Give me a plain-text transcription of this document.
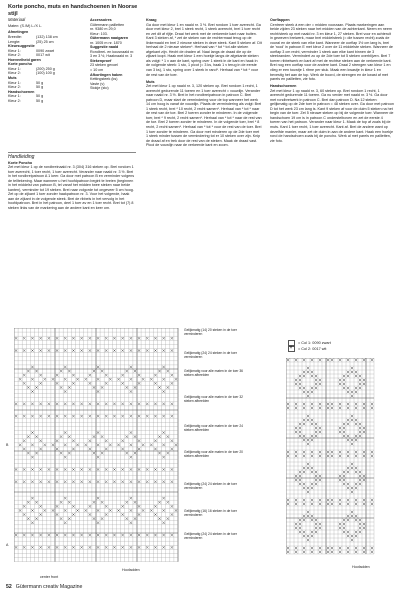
Korte poncho, muts en handschoenen in Noorse stijl

Materiaal

Maten: (S./M) L./X L.

Afmetingen

Breedte:	(132) 138 cm
Lengte:	(25) 25 cm

Kleursuggestie

Kleur 1:	0090 zwart
Kleur 2:	0017 wit

Hoeveelheid garen

Korte poncho

Kleur 1:	(200) 250 g
Kleur 2:	(100) 100 g

Muts

Kleur 1:	50 g
Kleur 2:	50 g

Handschoenen

Kleur 1:	50 g
Kleur 2:	50 g

Handleiding

Korte Poncho

Zet met kleur 1 op de rondbreinaald nr. 3 (304) 316 steken op. Brei rondom 1 toer averecht, 1 toer recht, 1 toer averecht. Verander naar naald nr. 3 ½. Brei in het rondbreipatroon A 1 keer. Ga door met patroon B en verminder volgens de telltekening. Maar wanneer u het hoofdpatroon begint te breien (beginnen in het middelst van patroon B, tel vanaf het midden twee steken naar beide kanten), verminder tot 19 steken. Brei naar volgorde tot ongeveer 5 cm hoog. Zet op de zijkant 1 toer zonder haakpatroon nr. 3. Voor het volgende, haak aan de zijkant in de volgende steek. Brei de ribbels in het vervolg in het hoofdpatroon. Brei in het patroon, deel 1 toer av en 1 toer recht. Brei tot (7) 8 steken links van de markering aan de andere kant en keer om.

Accessoires

Gütermann pailletten
nr. 9380 m 29,0
Kleur: 103.
Gütermann naaigaren
nr. 1005 m nr. 1870
Suggestie naald
Rondbrei- en kousnaald nr. 3 en 3 ½, Haaknaald nr. 3
Stekenproef
23 steken gevoel
= 10 cm
Afkortingen haken
Kettingsteek (ks)
Vaste (v)
Stokje (sto)

Kraag

Ga door met kleur 1 en naald nr. 3 ½. Brei rondom 1 toer averecht. Ga door met kleur 2, brei 1 steek recht, 1 steek averecht, brei 1 toer recht en zet dit af rijtje. Draai het werk met de verkeerde kant naar buiten. Kant 3 steken af, * zet de steken van de rechtermaat terug op de linkernaald en brei 2 nieuwe steken in deze steek. Kant 5 steken af. Dit herhaal de 2 nieuwe steken*. Herhaal van * tot * tot alle steken afgekant zijn. Hecht de draden af. Naai langs de draad die op de zijkant loopt. Haak met kleur 1 een hoekje langs de afgekante steken als volgt: * 1 v aan de kant, spring over 1 steek in de kant en haak in de volgende steek: 1 sto, 1 picot (= 3 ks, haak 1 v terug in de eerste van 3 ks), 1 sto, spring over 1 steek in rand*. Herhaal van * tot * voor de rest van de toer.

Muts

Zet met kleur 1 op naald nr. 3, 120 steken op. Brei rondom 1 recht, 1 averecht gedurende 11 toeren en 1 toer averecht = vouwlijn. Verander naar naald nr. 3 ½. Brei in het rondbreipatroon in patroon C. Brei patroon D, maar start de vermindering voor de top wanneer het werk 14 cm hoog is vanaf de vouwlijn. Plaats de vermindering als volgt: Brei 1 steek recht, brei * 10 recht, 2 recht samen*. Herhaal van * tot * naar de rest van de toe. Brei 2 toeren zonder te minderen. In de volgende toer, brei * 9 recht, 2 recht samen*. Herhaal van * tot * naar de rest van de toe. Brei 2 toeren zonder te minderen. In de volgende toer, brei * 8 recht, 2 recht samen*. Herhaal van * tot * voor de rest van de toer. Brei 1 toer zonder te minderen. Ga door met minderen op de 2de toer met 1 steek minder tussen de vermindering tot er 10 steken over zijn. Knip de draad af en trek door de rest van de steken. Maak de draad vast. Plooi de vouwlijn naar de verkeerde kant en zoom.

Oorflappen

Centreer steek à een der = midden voorzaan. Plaats markeringen aan beide zijden 23 steken naar het midden van de achterkant. Neem en neem recht/steek op met naald nr. 3 en kleur 1, 27 steken. Brei voor en achteruit in geweven breiwerk, maar brei middelsteek (= die tussen recht) zoals de vooral en de steek van elke kant. Wanneer de oorflap 1½ cm lang is, brei de 'rood' in patroon E met kleur 2 over de 11 middelste steken. Wanneer de oorflap 3 cm recht, verminder 1 steek aan elke kant binnen de 3 steekranden. Vermindert zo op de 2de toer tot 5 steken overblijven. Brei 7 toeren ribbelwerk en kant af met de rechtse steken aan de verkeerde kant. Brei nog een oorflap voor de andere kant. Draai 2 strengen van kleur 1 en vlieg er een touwtje 1 ritme per stuk. Maak een kwastje in kleur 1 en bevestig het aan de top. Werk de boord, de strengen en de kwast af met parels en pailletten, zie foto.

Handschoenen

Zet met kleur 1 op naald nr. 3, 60 steken op. Brei rondom 1 recht, 1 averecht gedurende 11 toeren. Ga nu verder met naald nr. 3 ½. Ga door met rondbreiwerk in patroon C. Brei dan patroon D. Na 12 steken: gelijkmatig op de 2de toer in patroon = 48 steken over. Ga door met patroon D tot het werk 23 cm lang is. Kant 9 steken af voor de duim 5 steken na het begin van de toer. Zet 5 nieuwe steken op bij de volgende toer. Wanneer de handschoen 19 cm is in patroon C onderstelboven en zet de eerste 4 toeren van het patroon. Verander naar kleur 1. Maak de top af zoals bij de muts. Kant 1 toer recht, 1 toer averecht. Kant af. Brei de andere want op dezelfde manier, maar zet de duim in aan de andere kant. Haak een hoekje rond de handschoen zoals bij de poncho. Werk al met parels en pailletten, zie foto.

B
A
Gelijkmatig (14) 20 steken in de toer verminderen
Gelijkmatig (24) 24 steken in de toer verminderen
Gelijkmatig voor alle maten in de toer 36 steken afbeelden
Gelijkmatig voor alle maten in de toer 32 steken afbeelden
Gelijkmatig voor alle maten in de toer 24 steken afbeelden
Gelijkmatig voor alle maten in de toer 20 steken afbeelden
Gelijkmatig (24) 24 steken in de toer verminderen
Gelijkmatig (16) 16 steken in de toer verminderen
Gelijkmatig (24) 24 steken in de toer verminderen
center front
Hoofadden
= Col 1: 0090 zwart
×= Col 2: 0017 wit
Hoofadden
52 Gütermann creativ Magazine
